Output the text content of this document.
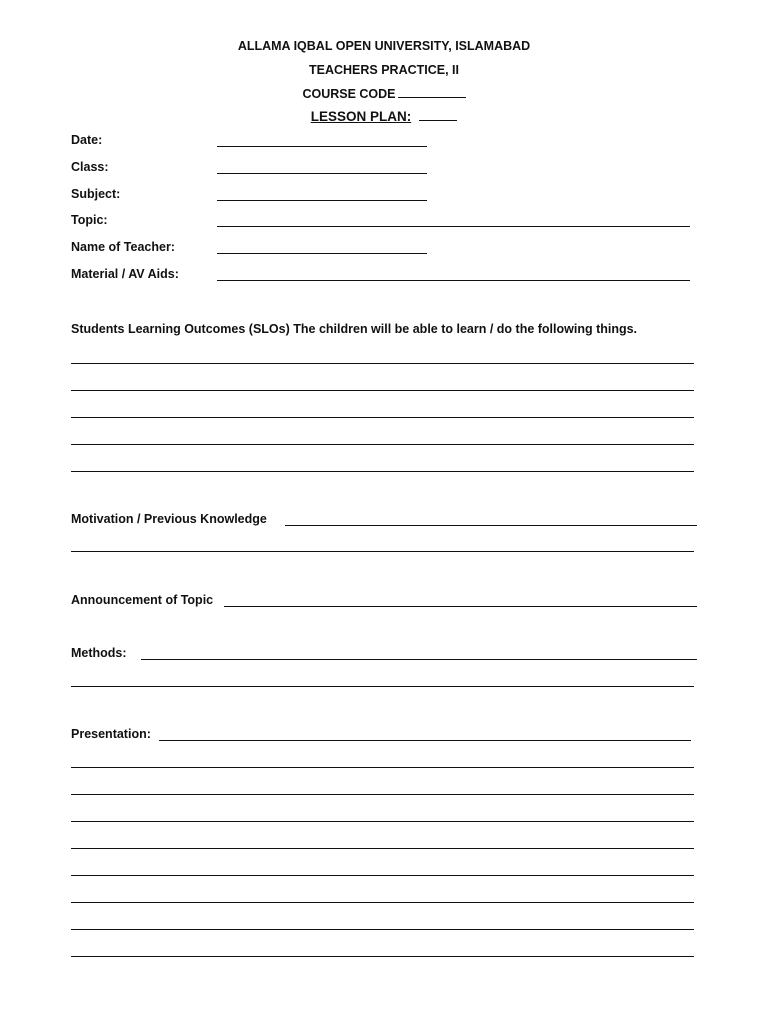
ALLAMA IQBAL OPEN UNIVERSITY, ISLAMABAD
TEACHERS PRACTICE, II
COURSE CODE
LESSON PLAN:
Date:
Class:
Subject:
Topic:
Name of Teacher:
Material / AV Aids:
Students Learning Outcomes (SLOs) The children will be able to learn / do the following things.
Motivation / Previous Knowledge
Announcement of Topic
Methods:
Presentation:
